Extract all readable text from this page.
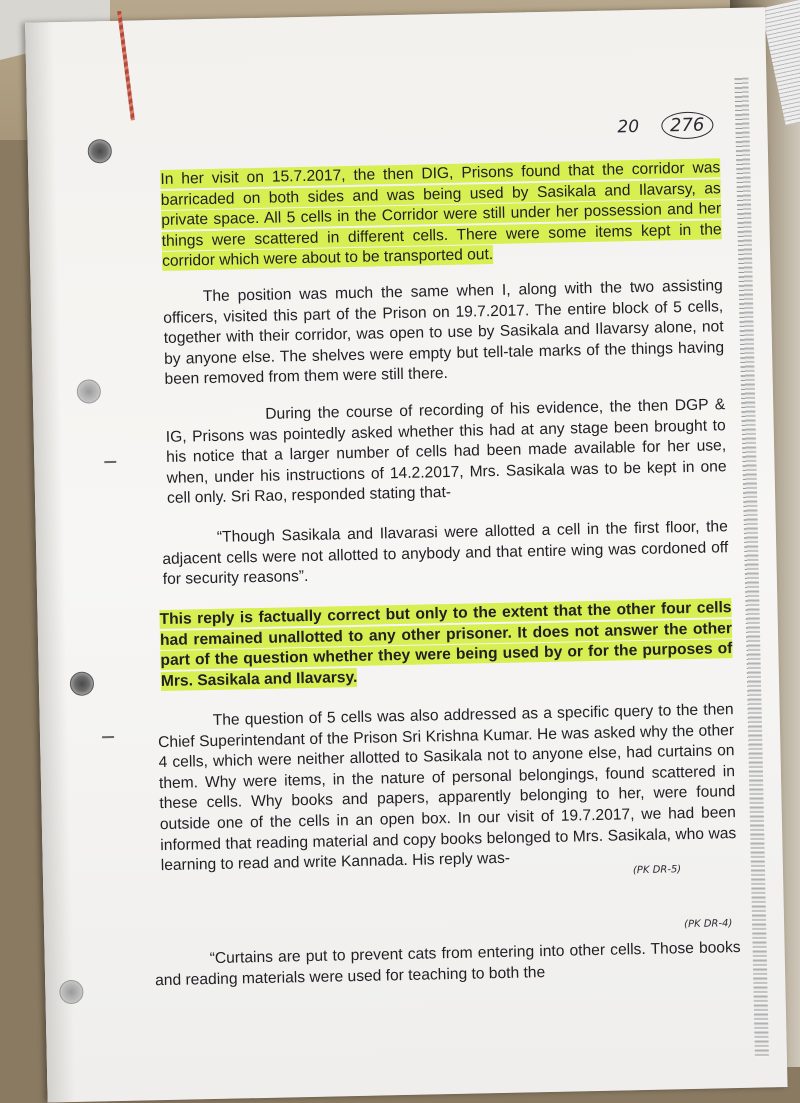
20 276
In her visit on 15.7.2017, the then DIG, Prisons found that the corridor was barricaded on both sides and was being used by Sasikala and Ilavarsy, as private space. All 5 cells in the Corridor were still under her possession and her things were scattered in different cells. There were some items kept in the corridor which were about to be transported out.
The position was much the same when I, along with the two assisting officers, visited this part of the Prison on 19.7.2017. The entire block of 5 cells, together with their corridor, was open to use by Sasikala and Ilavarsy alone, not by anyone else. The shelves were empty but tell-tale marks of the things having been removed from them were still there.
During the course of recording of his evidence, the then DGP & IG, Prisons was pointedly asked whether this had at any stage been brought to his notice that a larger number of cells had been made available for her use, when, under his instructions of 14.2.2017, Mrs. Sasikala was to be kept in one cell only. Sri Rao, responded stating that-
“Though Sasikala and Ilavarasi were allotted a cell in the first floor, the adjacent cells were not allotted to anybody and that entire wing was cordoned off for security reasons”.
This reply is factually correct but only to the extent that the other four cells had remained unallotted to any other prisoner. It does not answer the other part of the question whether they were being used by or for the purposes of Mrs. Sasikala and Ilavarsy.
The question of 5 cells was also addressed as a specific query to the then Chief Superintendant of the Prison Sri Krishna Kumar. He was asked why the other 4 cells, which were neither allotted to Sasikala not to anyone else, had curtains on them. Why were items, in the nature of personal belongings, found scattered in these cells. Why books and papers, apparently belonging to her, were found outside one of the cells in an open box. In our visit of 19.7.2017, we had been informed that reading material and copy books belonged to Mrs. Sasikala, who was learning to read and write Kannada. His reply was-	(PK DR-5)
(PK DR-4)
“Curtains are put to prevent cats from entering into other cells. Those books and reading materials were used for teaching to both the
